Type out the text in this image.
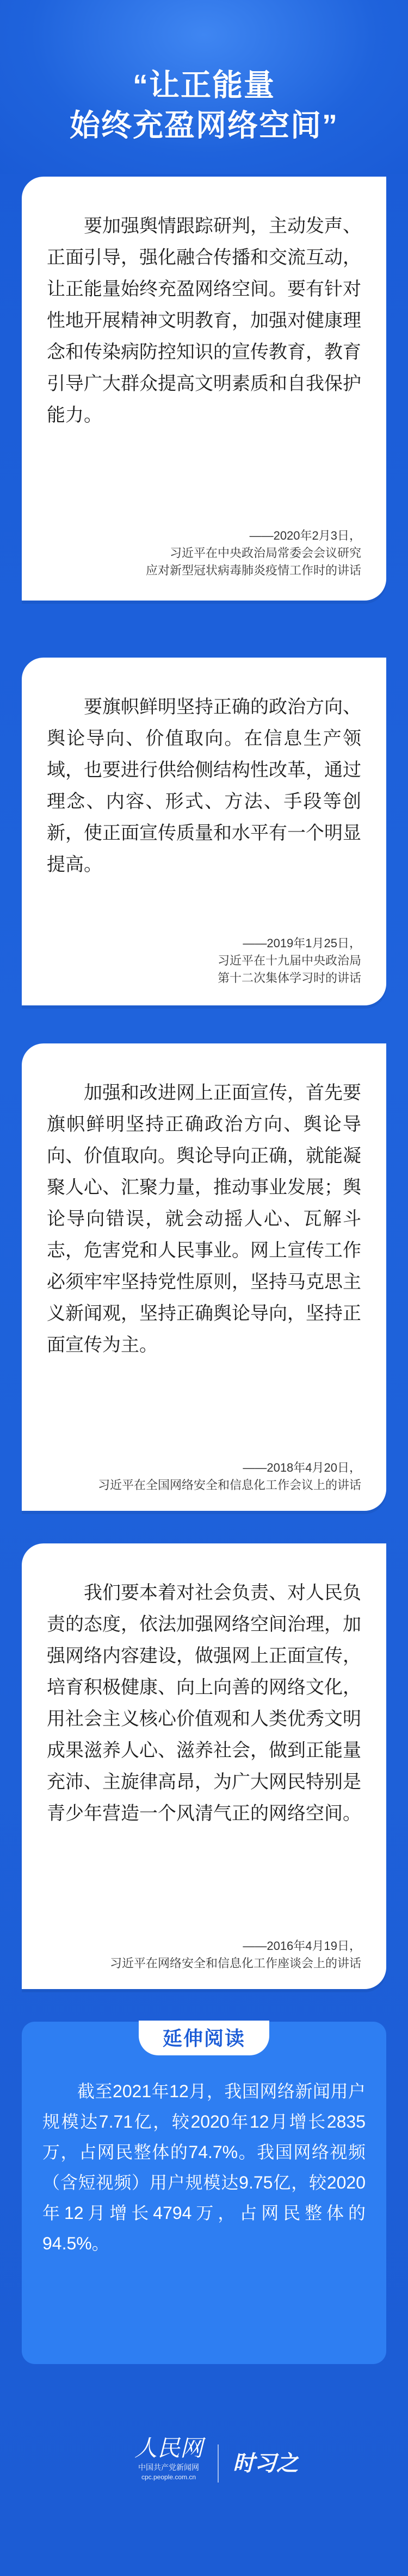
“让正能量
始终充盈网络空间”
要加强舆情跟踪研判，主动发声、正面引导，强化融合传播和交流互动，让正能量始终充盈网络空间。要有针对性地开展精神文明教育，加强对健康理念和传染病防控知识的宣传教育，教育引导广大群众提高文明素质和自我保护能力。
——2020年2月3日，
习近平在中央政治局常委会会议研究
应对新型冠状病毒肺炎疫情工作时的讲话
要旗帜鲜明坚持正确的政治方向、舆论导向、价值取向。在信息生产领域，也要进行供给侧结构性改革，通过理念、内容、形式、方法、手段等创新，使正面宣传质量和水平有一个明显提高。
——2019年1月25日，
习近平在十九届中央政治局
第十二次集体学习时的讲话
加强和改进网上正面宣传，首先要旗帜鲜明坚持正确政治方向、舆论导向、价值取向。舆论导向正确，就能凝聚人心、汇聚力量，推动事业发展；舆论导向错误，就会动摇人心、瓦解斗志，危害党和人民事业。网上宣传工作必须牢牢坚持党性原则，坚持马克思主义新闻观，坚持正确舆论导向，坚持正面宣传为主。
——2018年4月20日，
习近平在全国网络安全和信息化工作会议上的讲话
我们要本着对社会负责、对人民负责的态度，依法加强网络空间治理，加强网络内容建设，做强网上正面宣传，培育积极健康、向上向善的网络文化，用社会主义核心价值观和人类优秀文明成果滋养人心、滋养社会，做到正能量充沛、主旋律高昂，为广大网民特别是青少年营造一个风清气正的网络空间。
——2016年4月19日，
习近平在网络安全和信息化工作座谈会上的讲话
延伸阅读
截至2021年12月，我国网络新闻用户规模达7.71亿，较2020年12月增长2835万，占网民整体的74.7%。我国网络视频（含短视频）用户规模达9.75亿，较2020年12月增长4794万，占网民整体的94.5%。
人民网
中国共产党新闻网
cpc.people.com.cn
时习之
